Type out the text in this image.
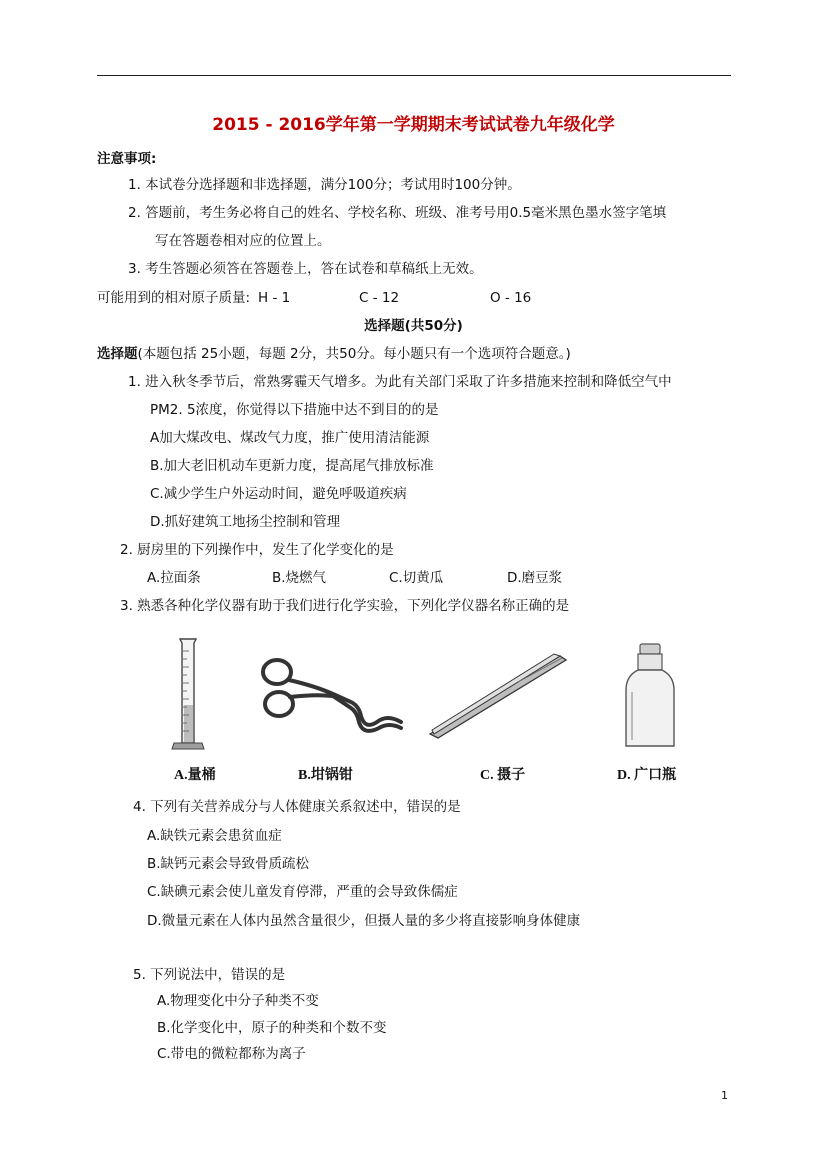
2015 - 2016学年第一学期期末考试试卷九年级化学
注意事项:
1. 本试卷分选择题和非选择题，满分100分；考试用时100分钟。
2. 答题前，考生务必将自己的姓名、学校名称、班级、准考号用0.5毫米黑色墨水签字笔填
写在答题卷相对应的位置上。
3. 考生答题必须答在答题卷上，答在试卷和草稿纸上无效。
可能用到的相对原子质量: H - 1	C - 12	O - 16
选择题(共50分)
选择题(本题包括 25小题，每题 2分，共50分。每小题只有一个选项符合题意。)
1. 进入秋冬季节后，常熟雾霾天气增多。为此有关部门采取了许多措施来控制和降低空气中
PM2. 5浓度，你觉得以下措施中达不到目的的是
A加大煤改电、煤改气力度，推广使用清洁能源
B.加大老旧机动车更新力度，提高尾气排放标准
C.减少学生户外运动时间，避免呼吸道疾病
D.抓好建筑工地扬尘控制和管理
2. 厨房里的下列操作中，发生了化学变化的是
A.拉面条	B.烧燃气	C.切黄瓜	D.磨豆浆
3. 熟悉各种化学仪器有助于我们进行化学实验，下列化学仪器名称正确的是
A.量桶	B.坩锅钳	C. 摄子	D. 广口瓶
4. 下列有关营养成分与人体健康关系叙述中，错误的是
A.缺铁元素会患贫血症
B.缺钙元素会导致骨质疏松
C.缺碘元素会使儿童发育停滞，严重的会导致侏儒症
D.微量元素在人体内虽然含量很少，但摄人量的多少将直接影响身体健康
5. 下列说法中，错误的是
A.物理变化中分子种类不变
B.化学变化中，原子的种类和个数不变
C.带电的微粒都称为离子
1
